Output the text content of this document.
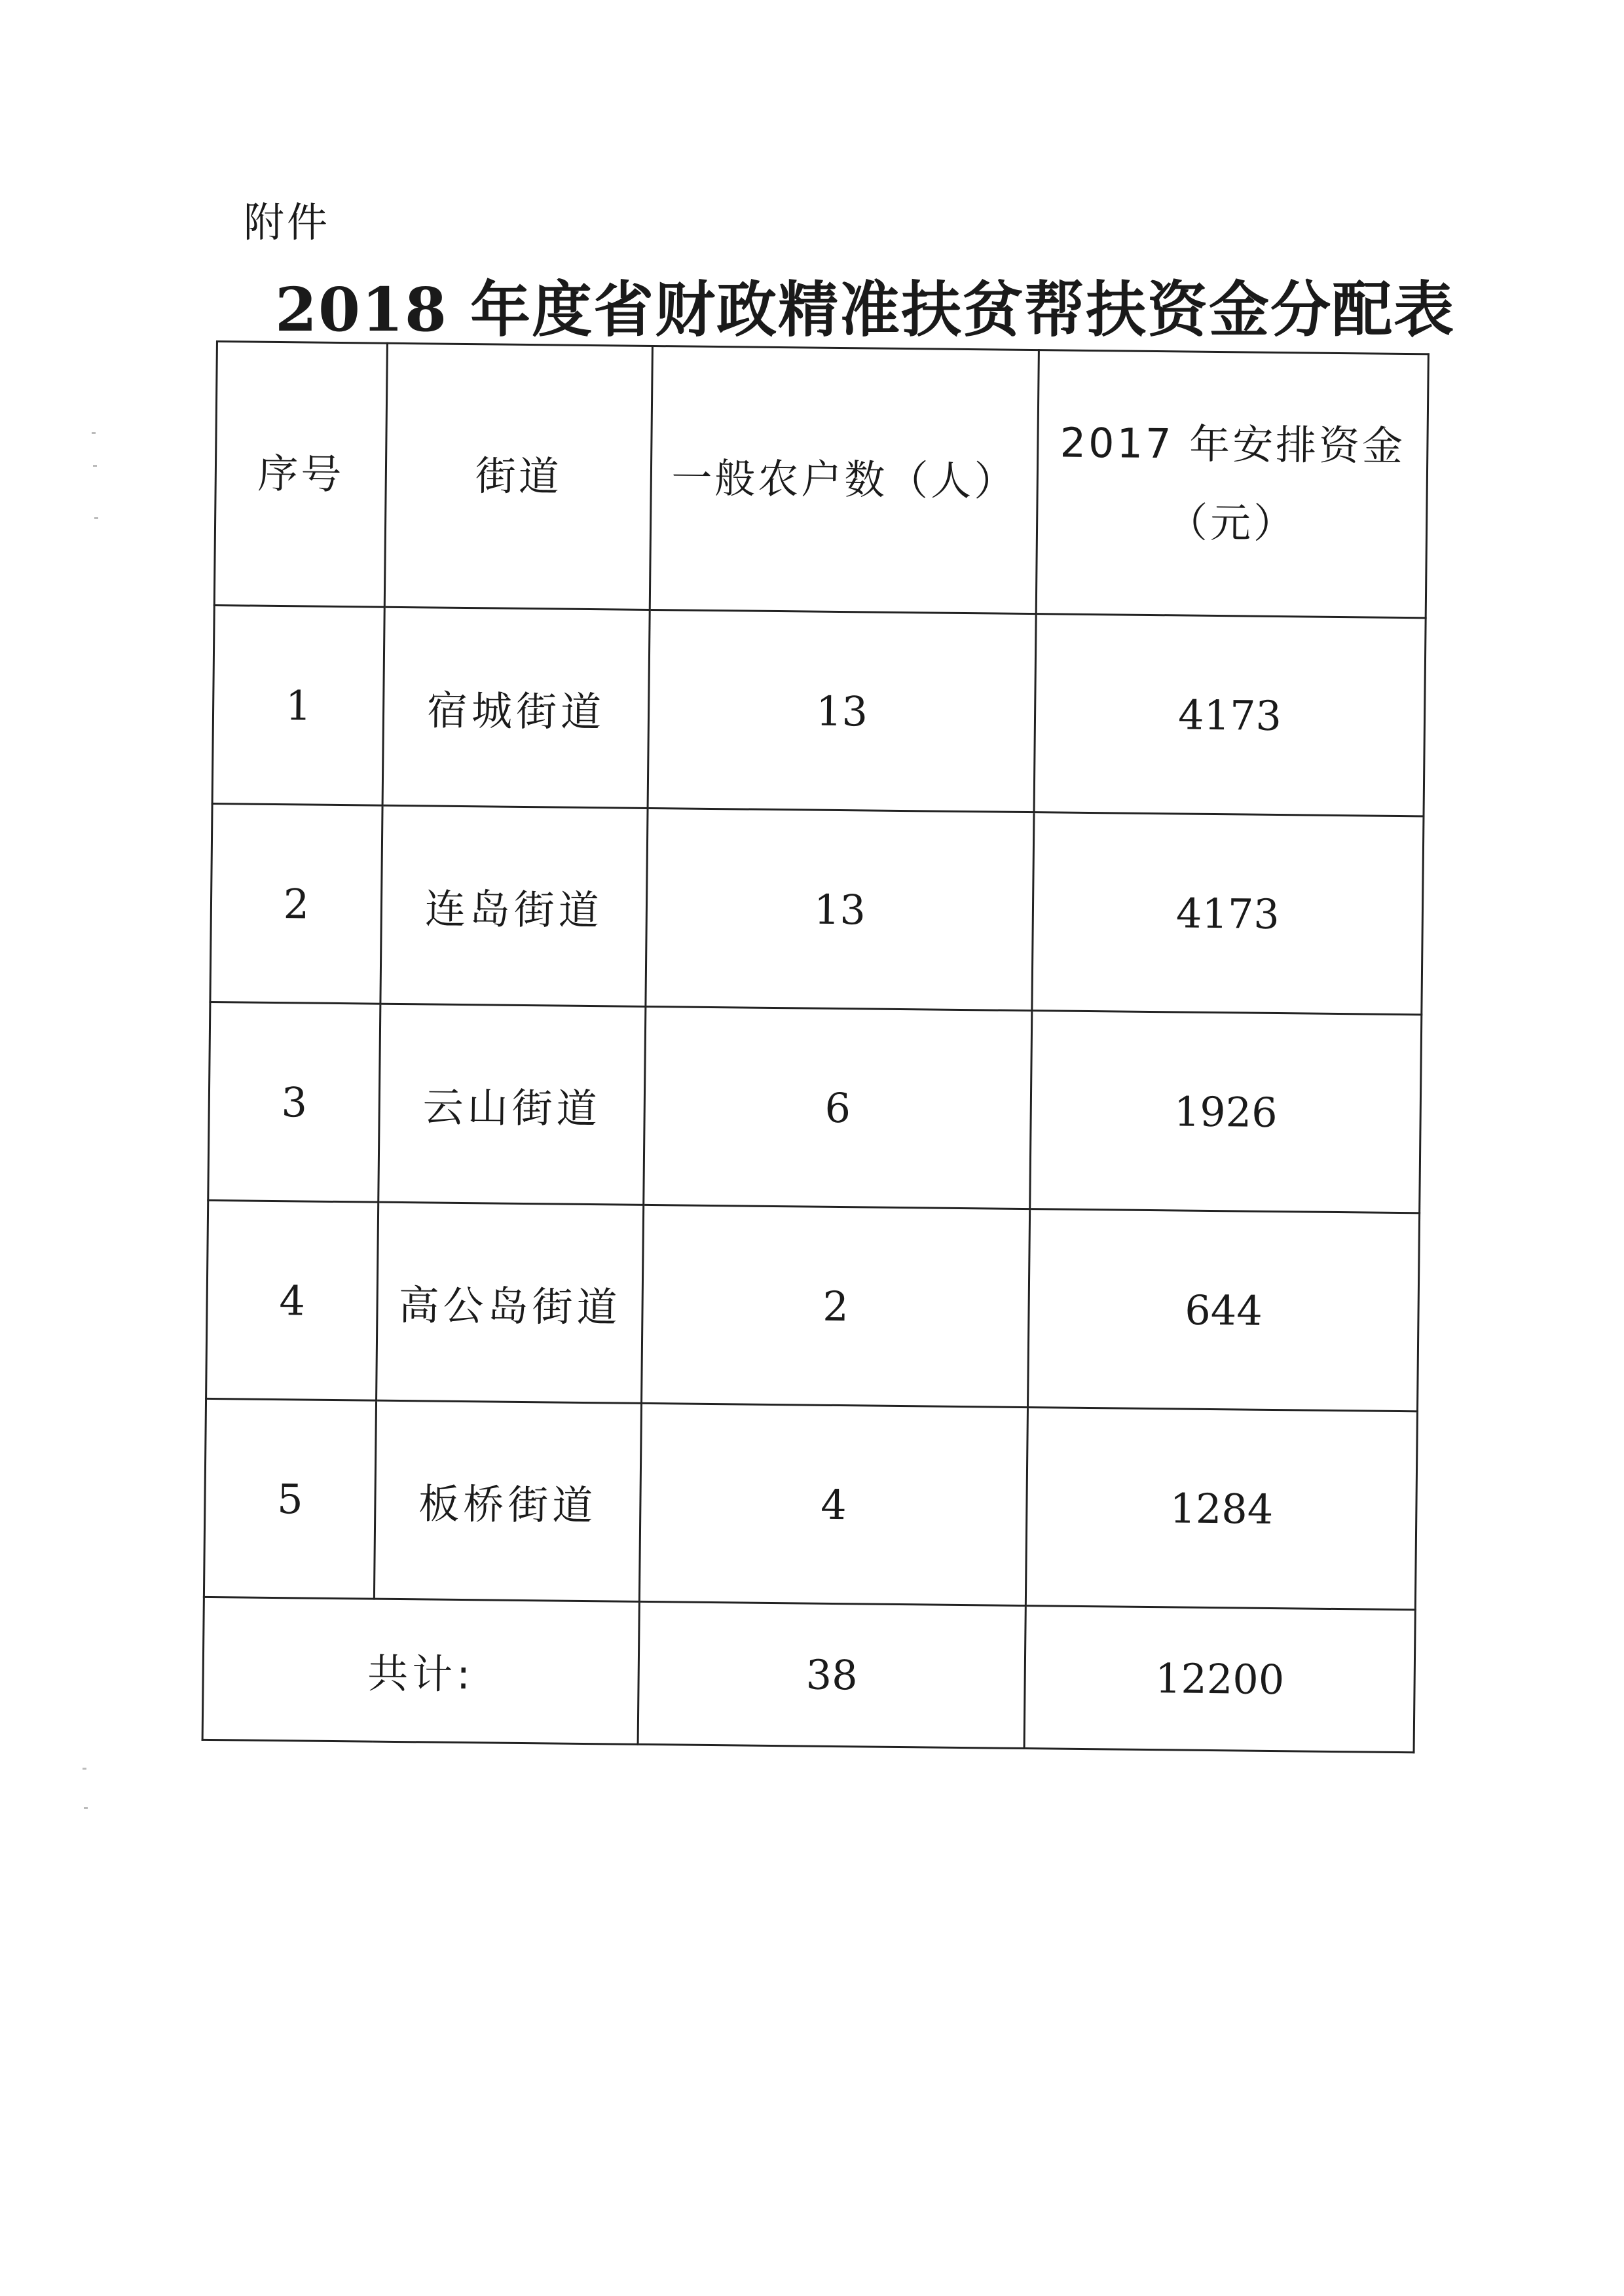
附件
2018 年度省财政精准扶贫帮扶资金分配表
序号	街道	一般农户数（人）	2017 年安排资金（元）
1	宿城街道	13	4173
2	连岛街道	13	4173
3	云山街道	6	1926
4	高公岛街道	2	644
5	板桥街道	4	1284
共计:		38	12200
